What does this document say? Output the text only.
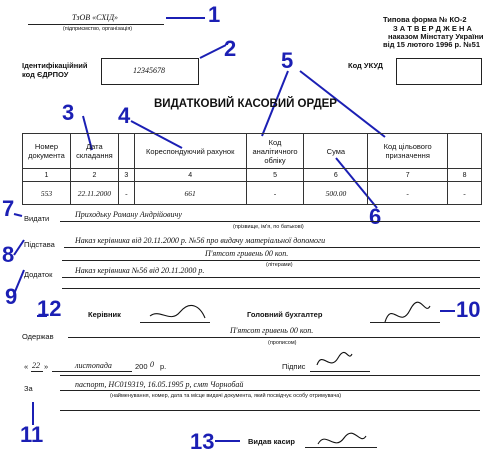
1
2
3 4
5
6
7
8
9
10
12
11	13
ТзОВ «СХІД»
(підприємство, організація)
Типова форма № КО-2
З А Т В Е Р Д Ж Е Н А
наказом Мінстату України
від 15 лютого 1996 р. №51
Ідентифікаційний
код ЄДРПОУ	12345678
Код УКУД
ВИДАТКОВИЙ КАСОВИЙ ОРДЕР
Номер документа	Дата складання		Кореспондуючий рахунок	Код аналітичного обліку	Сума	Код цільового призначення	
1	2	3	4	5	6	7	8
553	22.11.2000	-	661	-	500.00	-	-
Видати	Приходьку Роману Андрійовичу
(прізвище, ім'я, по батькові)
Підстава	Наказ керівника від 20.11.2000 р. №56 про видачу матеріальної допомоги
П'ятсот гривень 00 коп.
(літерами)
Додаток	Наказ керівника №56 від 20.11.2000 р.
Керівник	Головний бухгалтер
Одержав
П'ятсот гривень 00 коп.
(прописом)
« 22 »	листопада	200 0 р.	Підпис
За	паспорт, НС019319, 16.05.1995 р, смт Чорнобай
(найменування, номер, дата та місце видачі документа, який посвідчує особу отримувача)
Видав касир
